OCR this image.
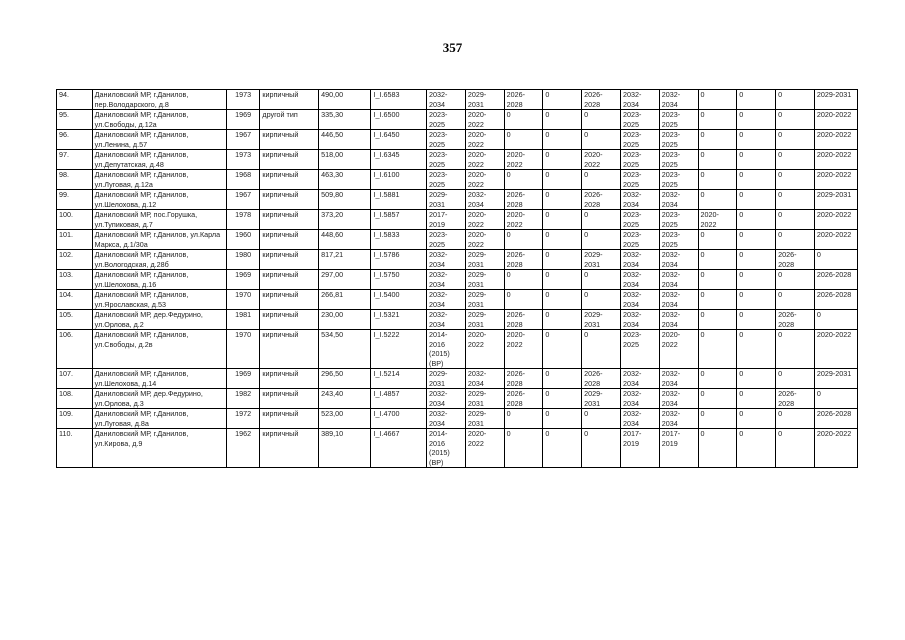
357
94.	Даниловский МР, г.Данилов, пер.Володарского, д.8	1973	кирпичный	490,00	I_I.6583	2032-2034	2029-2031	2026-2028	0	2026-2028	2032-2034	2032-2034	0	0	0	2029-2031
95.	Даниловский МР, г.Данилов, ул.Свободы, д.12а	1969	другой тип	335,30	I_I.6500	2023-2025	2020-2022	0	0	0	2023-2025	2023-2025	0	0	0	2020-2022
96.	Даниловский МР, г.Данилов, ул.Ленина, д.57	1967	кирпичный	446,50	I_I.6450	2023-2025	2020-2022	0	0	0	2023-2025	2023-2025	0	0	0	2020-2022
97.	Даниловский МР, г.Данилов, ул.Депутатская, д.48	1973	кирпичный	518,00	I_I.6345	2023-2025	2020-2022	2020-2022	0	2020-2022	2023-2025	2023-2025	0	0	0	2020-2022
98.	Даниловский МР, г.Данилов, ул.Луговая, д.12а	1968	кирпичный	463,30	I_I.6100	2023-2025	2020-2022	0	0	0	2023-2025	2023-2025	0	0	0	2020-2022
99.	Даниловский МР, г.Данилов, ул.Шелохова, д.12	1967	кирпичный	509,80	I_I.5881	2029-2031	2032-2034	2026-2028	0	2026-2028	2032-2034	2032-2034	0	0	0	2029-2031
100.	Даниловский МР, пос.Горушка, ул.Тупиковая, д.7	1978	кирпичный	373,20	I_I.5857	2017-2019	2020-2022	2020-2022	0	0	2023-2025	2023-2025	2020-2022	0	0	2020-2022
101.	Даниловский МР, г.Данилов, ул.Карла Маркса, д.1/30а	1960	кирпичный	448,60	I_I.5833	2023-2025	2020-2022	0	0	0	2023-2025	2023-2025	0	0	0	2020-2022
102.	Даниловский МР, г.Данилов, ул.Вологодская, д.28б	1980	кирпичный	817,21	I_I.5786	2032-2034	2029-2031	2026-2028	0	2029-2031	2032-2034	2032-2034	0	0	2026-2028	0
103.	Даниловский МР, г.Данилов, ул.Шелохова, д.16	1969	кирпичный	297,00	I_I.5750	2032-2034	2029-2031	0	0	0	2032-2034	2032-2034	0	0	0	2026-2028
104.	Даниловский МР, г.Данилов, ул.Ярославская, д.53	1970	кирпичный	266,81	I_I.5400	2032-2034	2029-2031	0	0	0	2032-2034	2032-2034	0	0	0	2026-2028
105.	Даниловский МР, дер.Федурино, ул.Орлова, д.2	1981	кирпичный	230,00	I_I.5321	2032-2034	2029-2031	2026-2028	0	2029-2031	2032-2034	2032-2034	0	0	2026-2028	0
106.	Даниловский МР, г.Данилов, ул.Свободы, д.2в	1970	кирпичный	534,50	I_I.5222	2014-2016 (2015) (ВР)	2020-2022	2020-2022	0	0	2023-2025	2020-2022	0	0	0	2020-2022
107.	Даниловский МР, г.Данилов, ул.Шелохова, д.14	1969	кирпичный	296,50	I_I.5214	2029-2031	2032-2034	2026-2028	0	2026-2028	2032-2034	2032-2034	0	0	0	2029-2031
108.	Даниловский МР, дер.Федурино, ул.Орлова, д.3	1982	кирпичный	243,40	I_I.4857	2032-2034	2029-2031	2026-2028	0	2029-2031	2032-2034	2032-2034	0	0	2026-2028	0
109.	Даниловский МР, г.Данилов, ул.Луговая, д.8а	1972	кирпичный	523,00	I_I.4700	2032-2034	2029-2031	0	0	0	2032-2034	2032-2034	0	0	0	2026-2028
110.	Даниловский МР, г.Данилов, ул.Кирова, д.9	1962	кирпичный	389,10	I_I.4667	2014-2016 (2015) (ВР)	2020-2022	0	0	0	2017-2019	2017-2019	0	0	0	2020-2022
